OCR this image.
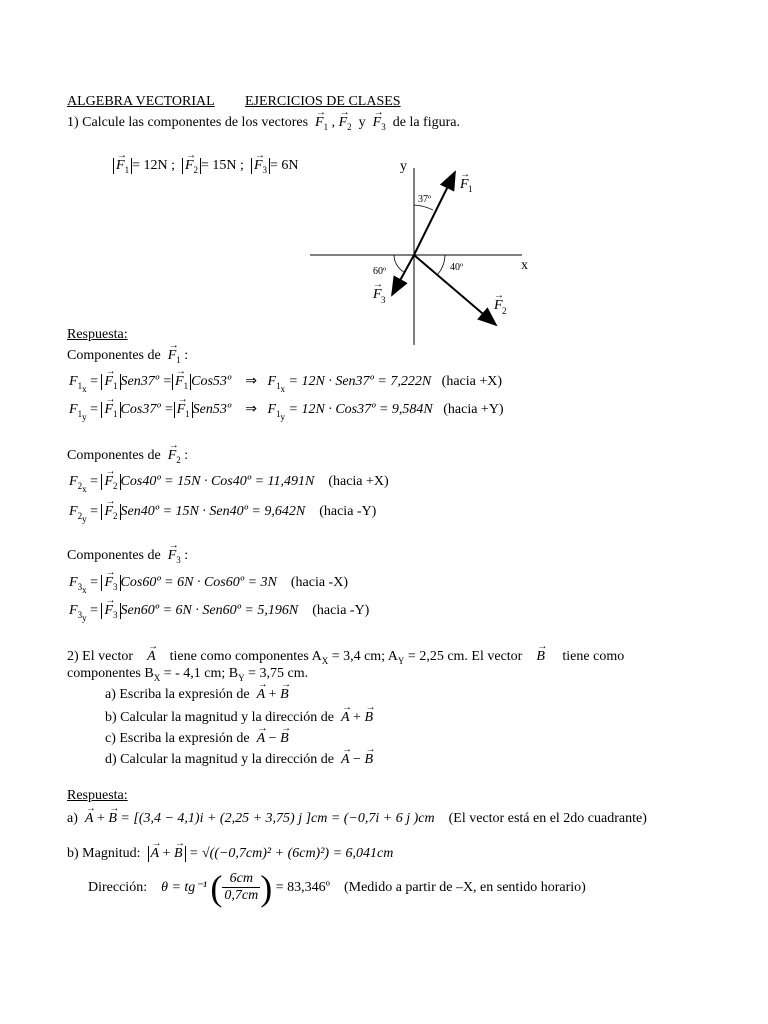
ALGEBRA VECTORIAL EJERCICIOS DE CLASES
1) Calcule las componentes de los vectores → $F_1$ , → $F_2$ $y \to F_3$ de la figura.
→ $F_1 = 12N$ ; → $F_2 = 15N$ ; → $F_3 = 6N$	y
x
37º
40º
60º
F 1
→
F 2
→
F 3
→
Respuesta:
Componentes de → $F_1$ :
$F_{1_x}$ = → $F_1$ Sen37º = → $F_1$ Cos53º    ⇒   $F_{1_x} = 12N$ · Sen37º = 7,222N (hacia +X)
$F_{1_y}$ = → $F_1$ Cos37º = → $F_1$ Sen53º    ⇒   $F_{1_y} = 12N$ · Cos37º = 9,584N (hacia +Y)
Componentes de → $F_2$ :
$F_{2_x}$ = → $F_2$ Cos40º = 15N · Cos40º = 11,491N (hacia +X)
$F_{2_y}$ = → $F_2$ Sen40º = 15N · Sen40º = 9,642N (hacia -Y)
Componentes de → $F_3$ :
$F_{3_x}$ = → $F_3$ Cos60º = 6N · Cos60º = 3N (hacia -X)
$F_{3_y}$ = → $F_3$ Sen60º = 6N · Sen60º = 5,196N (hacia -Y)
2) El vector → A tiene como componentes $A_X = 3,4$ cm; $A_Y = 2,25$ cm. El vector → B tiene como
componentes $B_X$ = - 4,1 cm; $B_Y = 3,75$ cm.
a) Escriba la expresión de → A + → B
b) Calcular la magnitud y la dirección de → A + → B
c) Escriba la expresión de → A − → B
d) Calcular la magnitud y la dirección de → A − → B
Respuesta:
a) → A + → B = [(3,4 − 4,1)i + (2,25 + 3,75) j ]cm = (−0,7i + 6 j )cm (El vector está en el 2do cuadrante)
b) Magnitud: → A + → B = √((−0,7cm)² + (6cm)²) = 6,041cm
Dirección: θ = tg⁻¹ ( $\frac{6cm}{0,7cm}$ ) = 83,346º (Medido a partir de –X, en sentido horario)
